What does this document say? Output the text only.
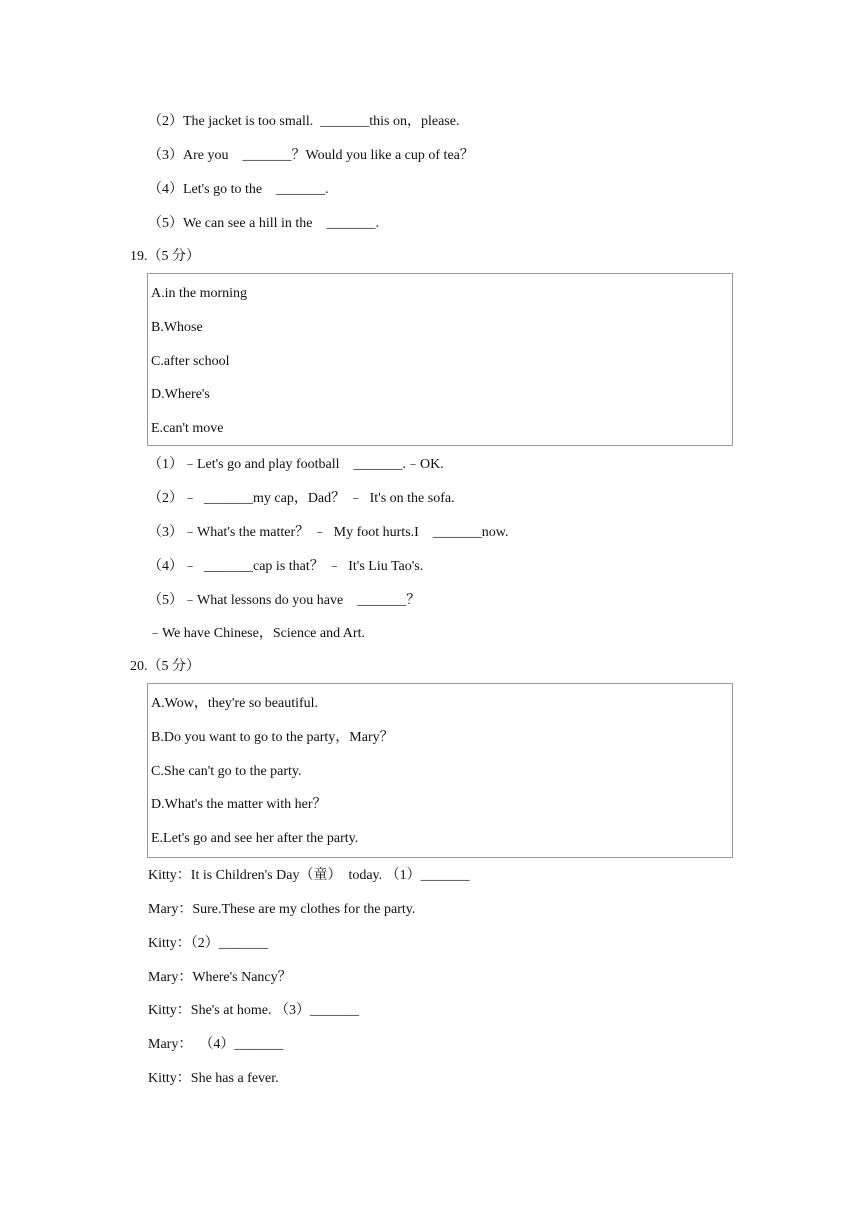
（2）The jacket is too small.  _______this on，please.
（3）Are you    _______？Would you like a cup of tea？
（4）Let's go to the    _______.
（5）We can see a hill in the    _______.
19.（5 分）
A.in the morning
B.Whose
C.after school
D.Where's
E.can't move
（1）﹣Let's go and play football    _______.﹣OK.
（2）﹣  _______my cap，Dad？ ﹣  It's on the sofa.
（3）﹣What's the matter？ ﹣  My foot hurts.I    _______now.
（4）﹣  _______cap is that？ ﹣  It's Liu Tao's.
（5）﹣What lessons do you have    _______？
﹣We have Chinese，Science and Art.
20.（5 分）
A.Wow，they're so beautiful.
B.Do you want to go to the party，Mary？
C.She can't go to the party.
D.What's the matter with her？
E.Let's go and see her after the party.
Kitty：It is Children's Day（童）  today. （1）_______
Mary：Sure.These are my clothes for the party.
Kitty：（2）_______
Mary：Where's Nancy？
Kitty：She's at home. （3）_______
Mary：  （4）_______
Kitty：She has a fever.
